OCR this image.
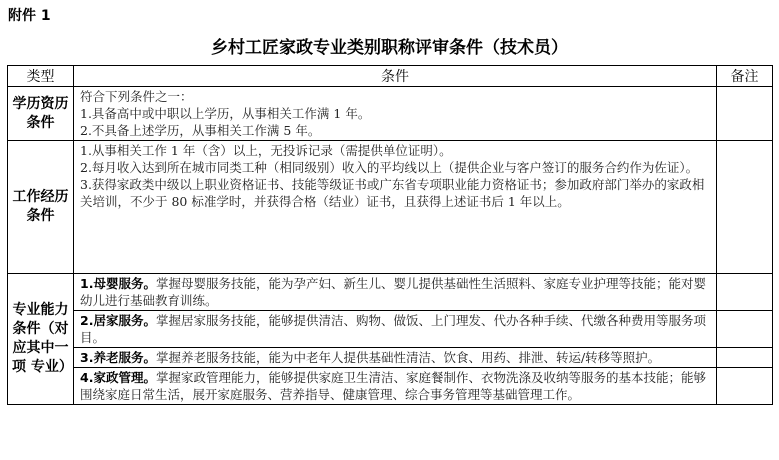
附件 1
乡村工匠家政专业类别职称评审条件（技术员）
类型	条件	备注
学历资历条件	符合下列条件之一：

1.具备高中或中职以上学历，从事相关工作满 1 年。

2.不具备上述学历，从事相关工作满 5 年。	

工作经历条件	1.从事相关工作 1 年（含）以上，无投诉记录（需提供单位证明）。

2.每月收入达到所在城市同类工种（相同级别）收入的平均线以上（提供企业与客户签订的服务合约作为佐证）。

3.获得家政类中级以上职业资格证书、技能等级证书或广东省专项职业能力资格证书；参加政府部门举办的家政相关培训，不少于 80 标准学时，并获得合格（结业）证书，且获得上述证书后 1 年以上。	

专业能力条件（对应其中一项 专业）	1.母婴服务。掌握母婴服务技能，能为孕产妇、新生儿、婴儿提供基础性生活照料、家庭专业护理等技能；能对婴幼儿进行基础教育训练。	
	2.居家服务。掌握居家服务技能，能够提供清洁、购物、做饭、上门理发、代办各种手续、代缴各种费用等服务项目。	
	3.养老服务。掌握养老服务技能，能为中老年人提供基础性清洁、饮食、用药、排泄、转运/转移等照护。	
	4.家政管理。掌握家政管理能力，能够提供家庭卫生清洁、家庭餐制作、衣物洗涤及收纳等服务的基本技能；能够围绕家庭日常生活，展开家庭服务、营养指导、健康管理、综合事务管理等基础管理工作。	
